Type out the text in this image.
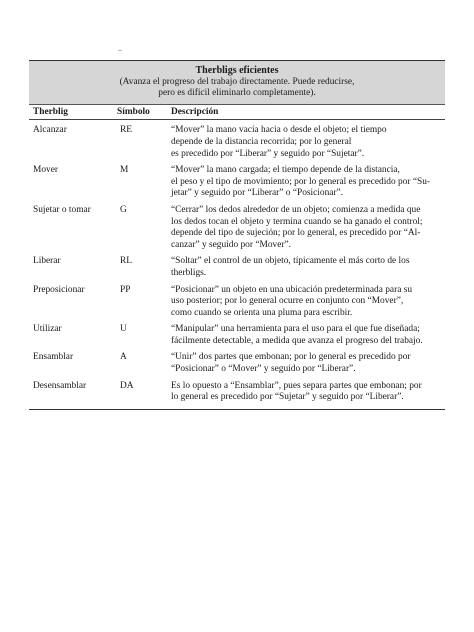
Therbligs eficientes
(Avanza el progreso del trabajo directamente. Puede reducirse,
pero es difícil eliminarlo completamente).
Therblig	Símbolo	Descripción
Alcanzar	RE	“Mover” la mano vacía hacia o desde el objeto; el tiempo
depende de la distancia recorrida; por lo general
es precedido por “Liberar” y seguido por “Sujetar”.
Mover	M	“Mover” la mano cargada; el tiempo depende de la distancia,
el peso y el tipo de movimiento; por lo general es precedido por “Su-
jetar” y seguido por “Liberar” o “Posicionar”.
Sujetar o tomar	G	“Cerrar” los dedos alrededor de un objeto; comienza a medida que
los dedos tocan el objeto y termina cuando se ha ganado el control;
depende del tipo de sujeción; por lo general, es precedido por “Al-
canzar” y seguido por “Mover”.
Liberar	RL	“Soltar” el control de un objeto, típicamente el más corto de los
therbligs.
Preposicionar	PP	“Posicionar” un objeto en una ubicación predeterminada para su
uso posterior; por lo general ocurre en conjunto con “Mover”,
como cuando se orienta una pluma para escribir.
Utilizar	U	“Manipular” una herramienta para el uso para el que fue diseñada;
fácilmente detectable, a medida que avanza el progreso del trabajo.
Ensamblar	A	“Unir” dos partes que embonan; por lo general es precedido por
“Posicionar” o “Mover” y seguido por “Liberar”.
Desensamblar	DA	Es lo opuesto a “Ensamblar”, pues separa partes que embonan; por
lo general es precedido por “Sujetar” y seguido por “Liberar”.
